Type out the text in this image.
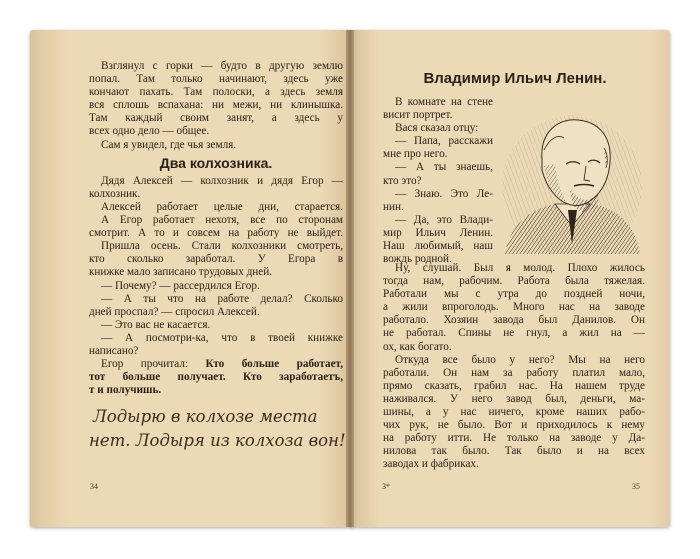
Взглянул с горки — будто в другую землю
попал. Там только начинают, здесь уже
кончают пахать. Там полоски, а здесь земля
вся сплошь вспахана: ни межи, ни клинышка.
Там каждый своим занят, а здесь у
всех одно дело — общее.
Сам я увидел, где чья земля.
Два колхозника.
Дядя Алексей — колхозник и дядя Егор —
колхозник.
Алексей работает целые дни, старается.
А Егор работает нехотя, все по сторонам
смотрит. А то и совсем на работу не выйдет.
Пришла осень. Стали колхозники смотреть,
кто сколько заработал. У Егора в
книжке мало записано трудовых дней.
— Почему? — рассердился Егор.
— А ты что на работе делал? Сколько
дней проспал? — спросил Алексей.
— Это вас не касается.
— А посмотри-ка, что в твоей книжке
написано?
Егор прочитал: Кто больше работает,
тот больше получает. Кто заработаетъ,
т и получишь.
Лодырю в колхозе места
нет. Лодыря из колхоза вон!
34
Владимир Ильич Ленин.
В комнате на стене
висит портрет.
Вася сказал отцу:
— Папа, расскажи
мне про него.
— А ты знаешь,
кто это?
— Знаю. Это Ле-
нин.
— Да, это Влади-
мир Ильич Ленин.
Наш любимый, наш
вождь родной.
Ну, слушай. Был я молод. Плохо жилось
тогда нам, рабочим. Работа была тяжелая.
Работали мы с утра до поздней ночи,
а жили впроголодь. Много нас на заводе
работало. Хозяин завода был Данилов. Он
не работал. Спины не гнул, а жил на —
ох, как богато.
Откуда все было у него? Мы на него
работали. Он нам за работу платил мало,
прямо сказать, грабил нас. На нашем труде
наживался. У него завод был, деньги, ма-
шины, а у нас ничего, кроме наших рабо-
чих рук, не было. Вот и приходилось к нему
на работу итти. Не только на заводе у Да-
нилова так было. Так было и на всех
заводах и фабриках.
3*	35
